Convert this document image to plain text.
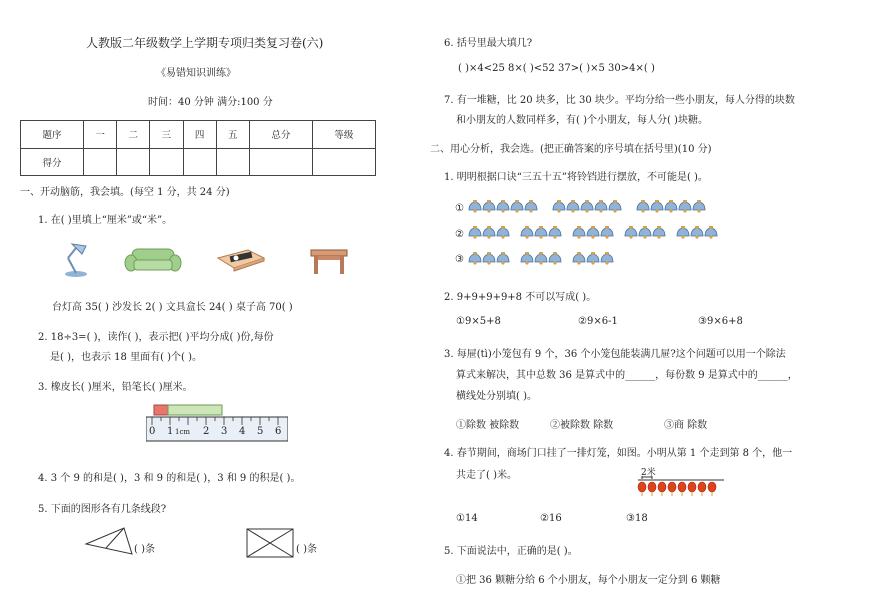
人教版二年级数学上学期专项归类复习卷(六)
《易错知识训练》
时间：40 分钟 满分:100 分
题序	一	二	三	四	五	总分	等级
得分							
一、开动脑筋，我会填。(每空 1 分，共 24 分)
1. 在( )里填上“厘米”或“米”。
台灯高 35( ) 沙发长 2( ) 文具盒长 24( ) 桌子高 70( )
2. 18÷3=( )，读作( )，表示把( )平均分成( )份,每份
是( )，也表示 18 里面有( )个( )。
3. 橡皮长( )厘米，铅笔长( )厘米。
0 1 1cm 2 3 4 5 6
4. 3 个 9 的和是( )，3 和 9 的和是( )，3 和 9 的积是( )。
5. 下面的图形各有几条线段?
( )条	( )条
6. 括号里最大填几?
( )×4<25 8×( )<52 37>( )×5 30>4×( )
7. 有一堆糖，比 20 块多，比 30 块少。平均分给一些小朋友，每人分得的块数
和小朋友的人数同样多，有( )个小朋友，每人分( )块糖。
二、用心分析，我会选。(把正确答案的序号填在括号里)(10 分)
1. 明明根据口诀“三五十五”将铃铛进行摆放，不可能是( )。
①
②
③
2. 9+9+9+9+8 不可以写成( )。
①9×5+8	②9×6-1	③9×6+8
3. 每屉(tì)小笼包有 9 个，36 个小笼包能装满几屉?这个问题可以用一个除法
算式来解决，其中总数 36 是算式中的______，每份数 9 是算式中的______，
横线处分别填( )。
①除数 被除数	②被除数 除数	③商 除数
4. 春节期间，商场门口挂了一排灯笼，如图。小明从第 1 个走到第 8 个，他一
共走了( )米。	2米
①14	②16	③18
5. 下面说法中，正确的是( )。
①把 36 颗糖分给 6 个小朋友，每个小朋友一定分到 6 颗糖
